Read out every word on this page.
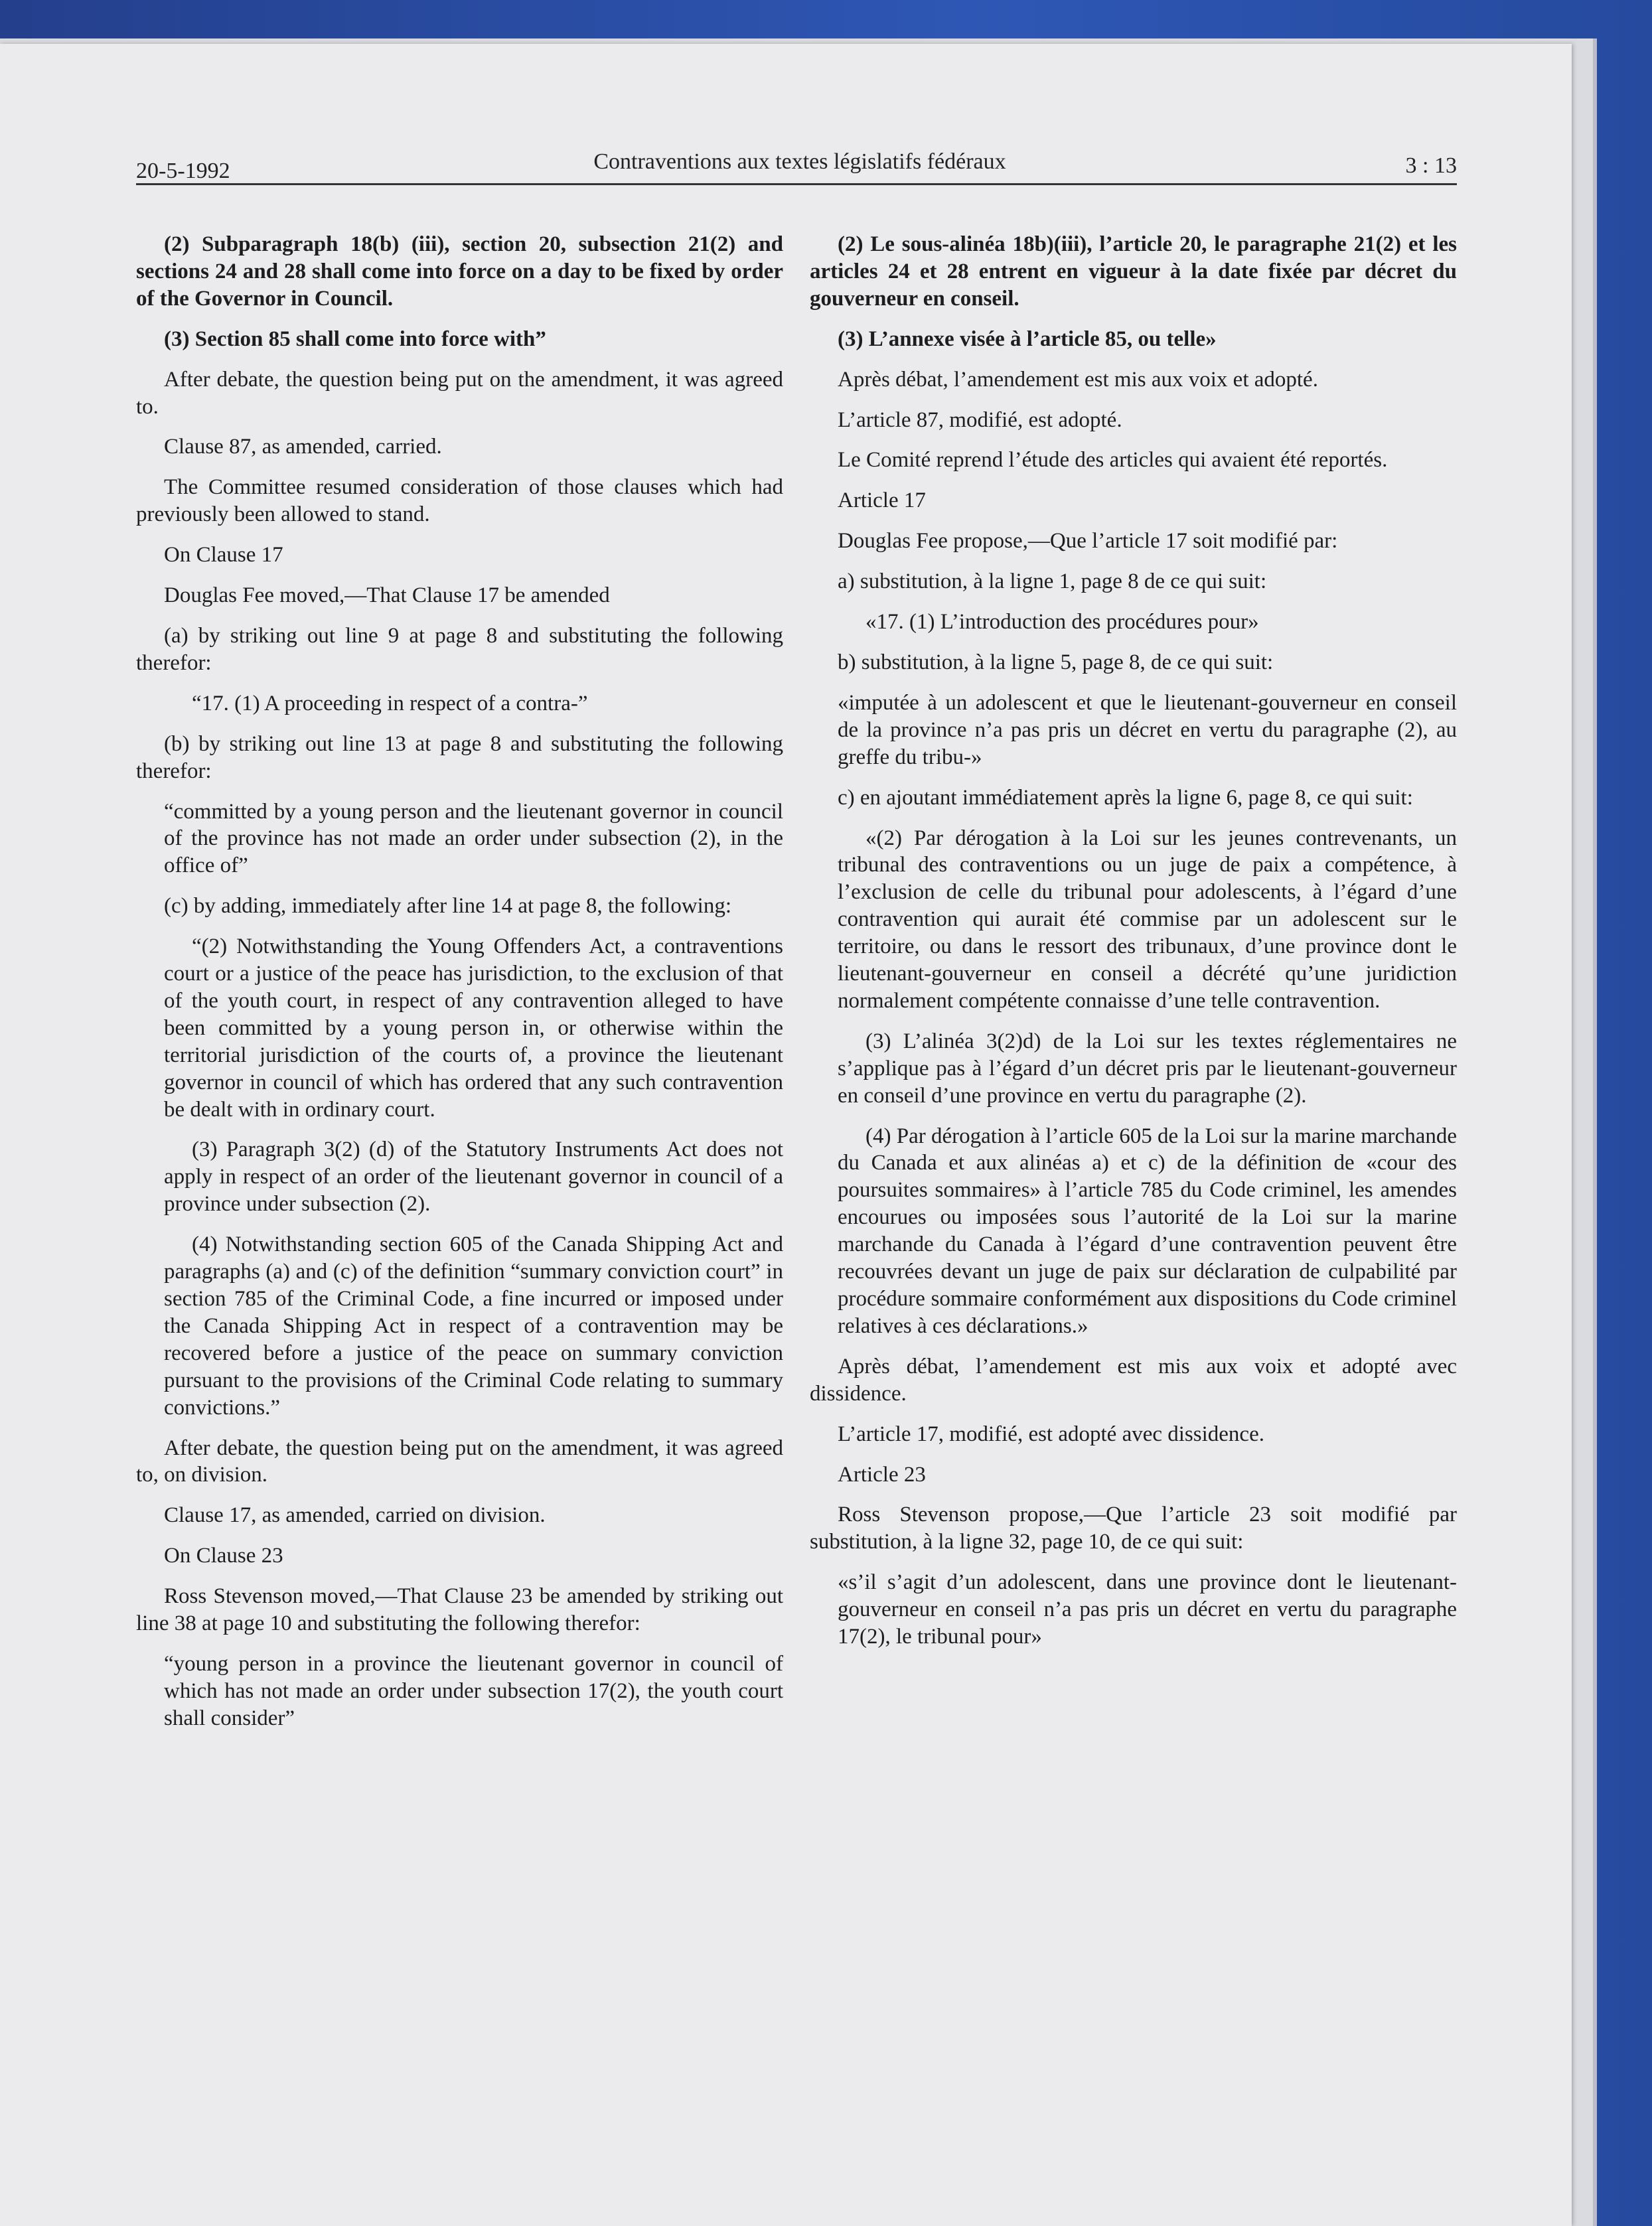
20-5-1992	Contraventions aux textes législatifs fédéraux	3 : 13

(2) Subparagraph 18(b) (iii), section 20, subsection 21(2) and sections 24 and 28 shall come into force on a day to be fixed by order of the Governor in Council.

(3) Section 85 shall come into force with”

After debate, the question being put on the amendment, it was agreed to.

Clause 87, as amended, carried.

The Committee resumed consideration of those clauses which had previously been allowed to stand.

On Clause 17

Douglas Fee moved,—That Clause 17 be amended

(a) by striking out line 9 at page 8 and substituting the following therefor:

“17. (1) A proceeding in respect of a contra-”

(b) by striking out line 13 at page 8 and substituting the following therefor:

“committed by a young person and the lieutenant governor in council of the province has not made an order under subsection (2), in the office of”

(c) by adding, immediately after line 14 at page 8, the following:

“(2) Notwithstanding the Young Offenders Act, a contraventions court or a justice of the peace has jurisdiction, to the exclusion of that of the youth court, in respect of any contravention alleged to have been committed by a young person in, or otherwise within the territorial jurisdiction of the courts of, a province the lieutenant governor in council of which has ordered that any such contravention be dealt with in ordinary court.

(3) Paragraph 3(2) (d) of the Statutory Instruments Act does not apply in respect of an order of the lieutenant governor in council of a province under subsection (2).

(4) Notwithstanding section 605 of the Canada Shipping Act and paragraphs (a) and (c) of the definition “summary conviction court” in section 785 of the Criminal Code, a fine incurred or imposed under the Canada Shipping Act in respect of a contravention may be recovered before a justice of the peace on summary conviction pursuant to the provisions of the Criminal Code relating to summary convictions.”

After debate, the question being put on the amendment, it was agreed to, on division.

Clause 17, as amended, carried on division.

On Clause 23

Ross Stevenson moved,—That Clause 23 be amended by striking out line 38 at page 10 and substituting the following therefor:

“young person in a province the lieutenant governor in council of which has not made an order under subsection 17(2), the youth court shall consider”

(2) Le sous-alinéa 18b)(iii), l’article 20, le paragraphe 21(2) et les articles 24 et 28 entrent en vigueur à la date fixée par décret du gouverneur en conseil.

(3) L’annexe visée à l’article 85, ou telle»

Après débat, l’amendement est mis aux voix et adopté.

L’article 87, modifié, est adopté.

Le Comité reprend l’étude des articles qui avaient été reportés.

Article 17

Douglas Fee propose,—Que l’article 17 soit modifié par:

a) substitution, à la ligne 1, page 8 de ce qui suit:

«17. (1) L’introduction des procédures pour»

b) substitution, à la ligne 5, page 8, de ce qui suit:

«imputée à un adolescent et que le lieutenant-gouverneur en conseil de la province n’a pas pris un décret en vertu du paragraphe (2), au greffe du tribu-»

c) en ajoutant immédiatement après la ligne 6, page 8, ce qui suit:

«(2) Par dérogation à la Loi sur les jeunes contrevenants, un tribunal des contraventions ou un juge de paix a compétence, à l’exclusion de celle du tribunal pour adolescents, à l’égard d’une contravention qui aurait été commise par un adolescent sur le territoire, ou dans le ressort des tribunaux, d’une province dont le lieutenant-gouverneur en conseil a décrété qu’une juridiction normalement compétente connaisse d’une telle contravention.

(3) L’alinéa 3(2)d) de la Loi sur les textes réglementaires ne s’applique pas à l’égard d’un décret pris par le lieutenant-gouverneur en conseil d’une province en vertu du paragraphe (2).

(4) Par dérogation à l’article 605 de la Loi sur la marine marchande du Canada et aux alinéas a) et c) de la définition de «cour des poursuites sommaires» à l’article 785 du Code criminel, les amendes encourues ou imposées sous l’autorité de la Loi sur la marine marchande du Canada à l’égard d’une contravention peuvent être recouvrées devant un juge de paix sur déclaration de culpabilité par procédure sommaire conformément aux dispositions du Code criminel relatives à ces déclarations.»

Après débat, l’amendement est mis aux voix et adopté avec dissidence.

L’article 17, modifié, est adopté avec dissidence.

Article 23

Ross Stevenson propose,—Que l’article 23 soit modifié par substitution, à la ligne 32, page 10, de ce qui suit:

«s’il s’agit d’un adolescent, dans une province dont le lieutenant-gouverneur en conseil n’a pas pris un décret en vertu du paragraphe 17(2), le tribunal pour»
